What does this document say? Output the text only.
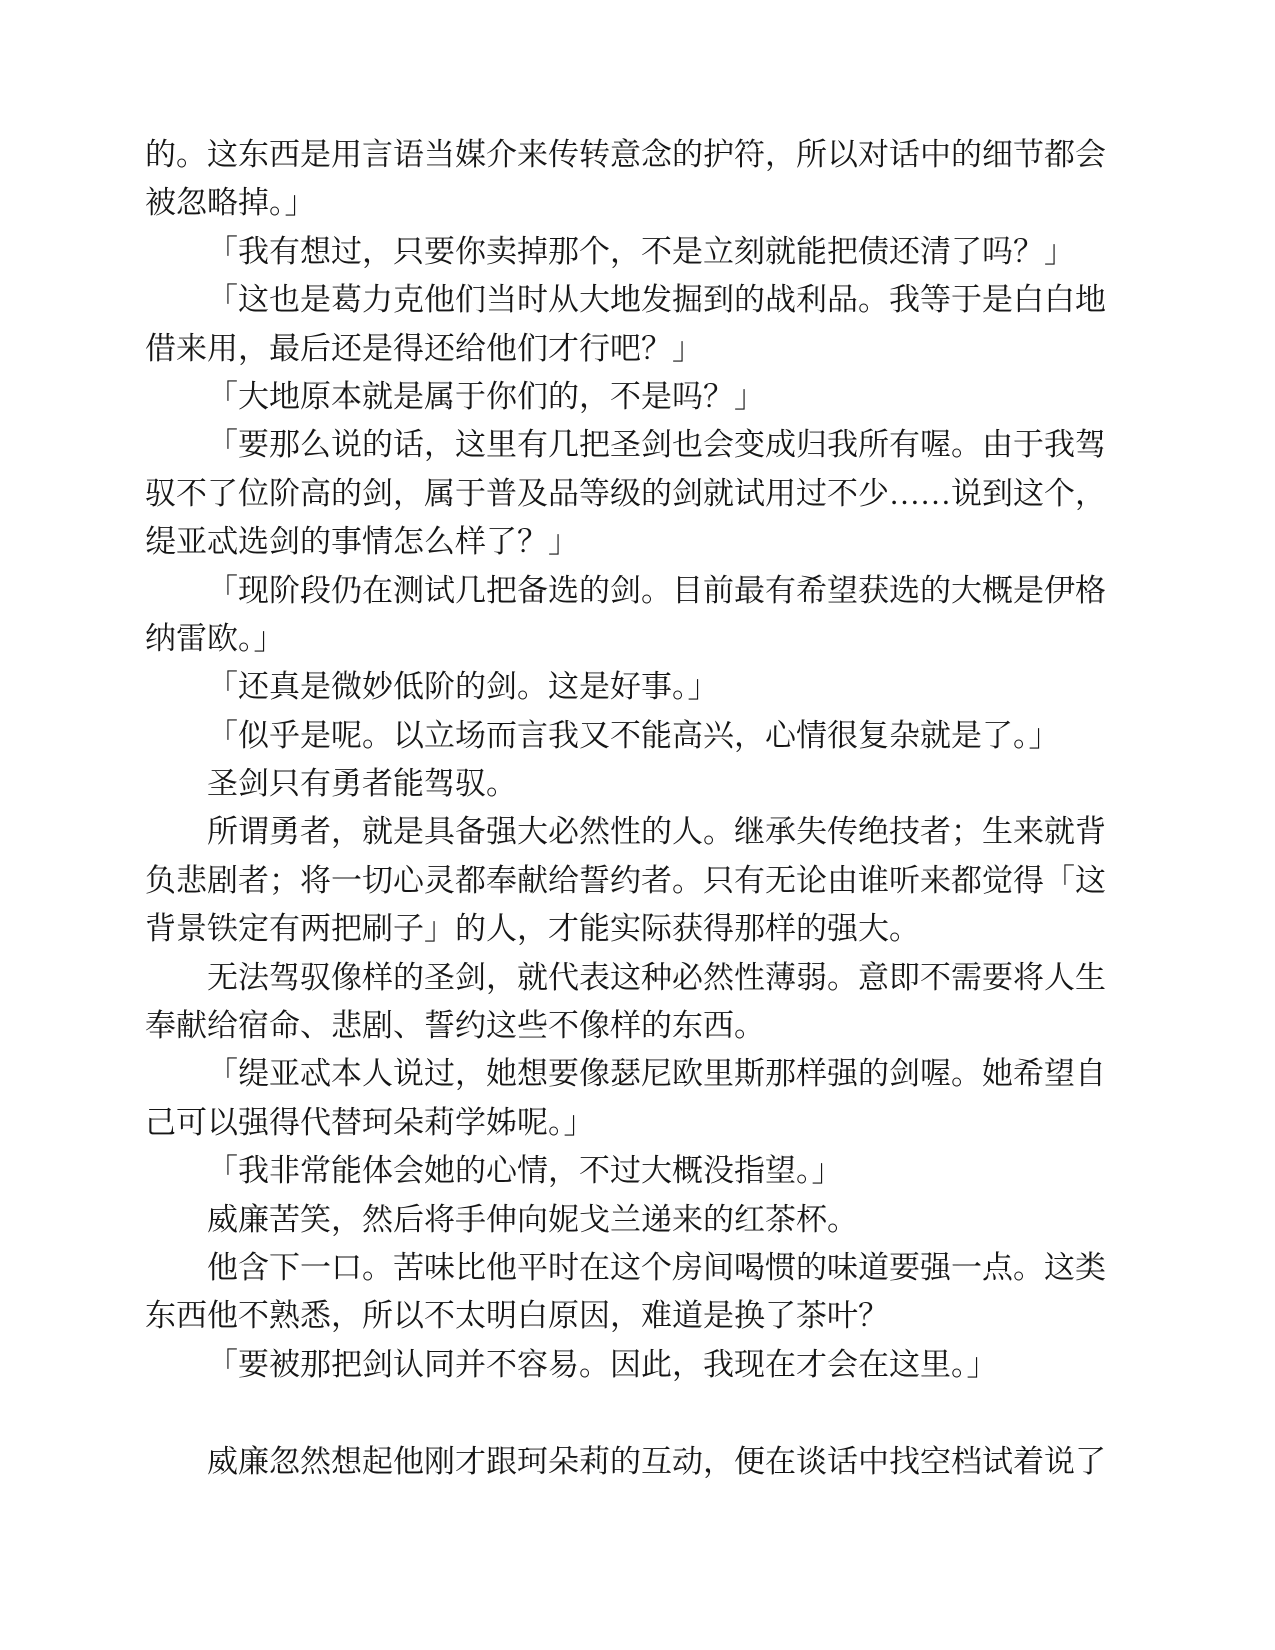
的。这东西是用言语当媒介来传转意念的护符，所以对话中的细节都会
被忽略掉。」
「我有想过，只要你卖掉那个，不是立刻就能把债还清了吗？」
「这也是葛力克他们当时从大地发掘到的战利品。我等于是白白地
借来用，最后还是得还给他们才行吧？」
「大地原本就是属于你们的，不是吗？」
「要那么说的话，这里有几把圣剑也会变成归我所有喔。由于我驾
驭不了位阶高的剑，属于普及品等级的剑就试用过不少……说到这个，
缇亚忒选剑的事情怎么样了？」
「现阶段仍在测试几把备选的剑。目前最有希望获选的大概是伊格
纳雷欧。」
「还真是微妙低阶的剑。这是好事。」
「似乎是呢。以立场而言我又不能高兴，心情很复杂就是了。」
圣剑只有勇者能驾驭。
所谓勇者，就是具备强大必然性的人。继承失传绝技者；生来就背
负悲剧者；将一切心灵都奉献给誓约者。只有无论由谁听来都觉得「这
背景铁定有两把刷子」的人，才能实际获得那样的强大。
无法驾驭像样的圣剑，就代表这种必然性薄弱。意即不需要将人生
奉献给宿命、悲剧、誓约这些不像样的东西。
「缇亚忒本人说过，她想要像瑟尼欧里斯那样强的剑喔。她希望自
己可以强得代替珂朵莉学姊呢。」
「我非常能体会她的心情，不过大概没指望。」
威廉苦笑，然后将手伸向妮戈兰递来的红茶杯。
他含下一口。苦味比他平时在这个房间喝惯的味道要强一点。这类
东西他不熟悉，所以不太明白原因，难道是换了茶叶？
「要被那把剑认同并不容易。因此，我现在才会在这里。」
威廉忽然想起他刚才跟珂朵莉的互动，便在谈话中找空档试着说了
